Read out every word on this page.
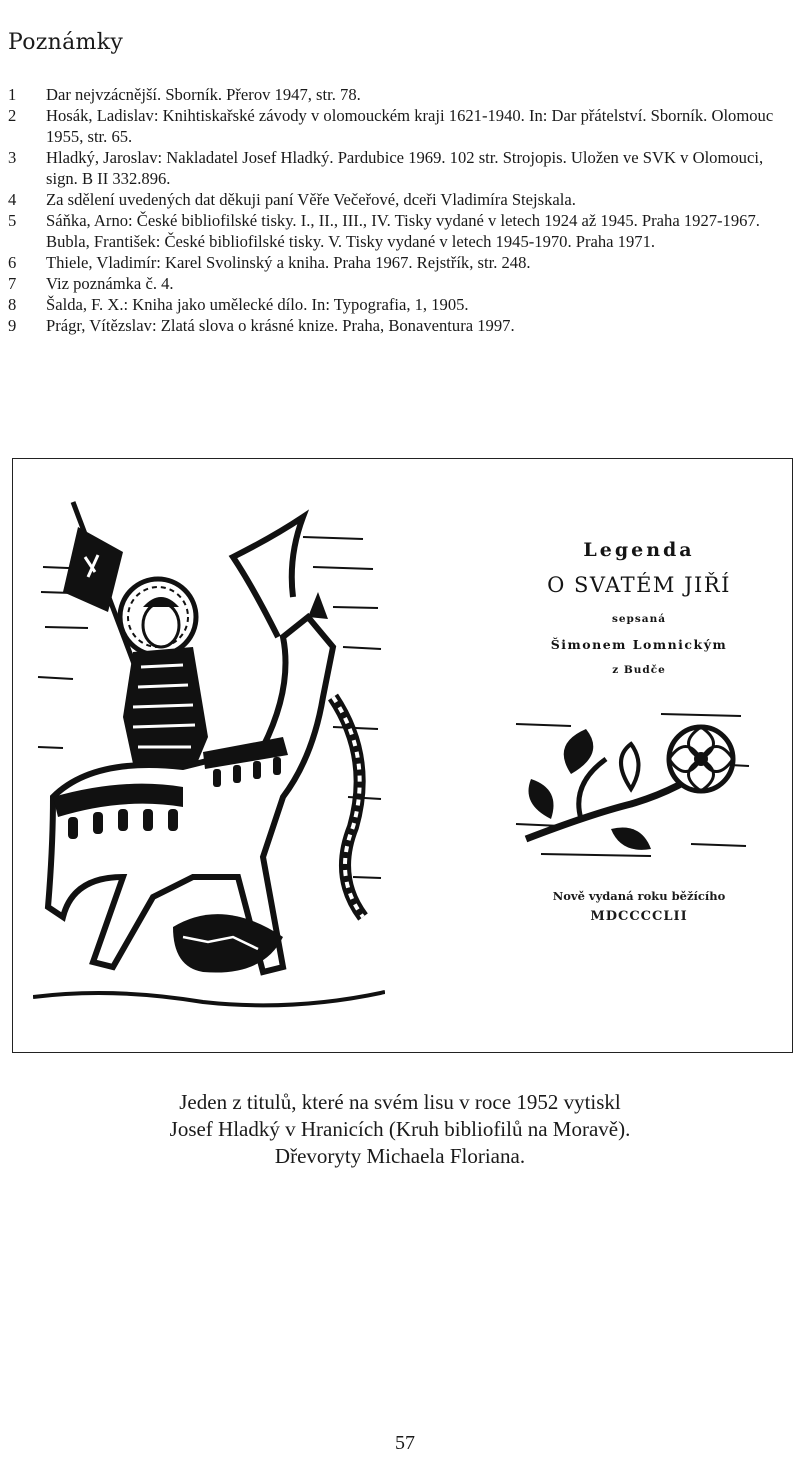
Poznámky

1	Dar nejvzácnější. Sborník. Přerov 1947, str. 78.

2	Hosák, Ladislav: Knihtiskařské závody v olomouckém kraji 1621-1940. In: Dar přátelství. Sborník. Olomouc 1955, str. 65.

3	Hladký, Jaroslav: Nakladatel Josef Hladký. Pardubice 1969. 102 str. Strojopis. Uložen ve SVK v Olomouci, sign. B II 332.896.

4	Za sdělení uvedených dat děkuji paní Věře Večeřové, dceři Vladimíra Stejskala.

5	Sáňka, Arno: České bibliofilské tisky. I., II., III., IV. Tisky vydané v letech 1924 až 1945. Praha 1927-1967. Bubla, František: České bibliofilské tisky. V. Tisky vydané v letech 1945-1970. Praha 1971.

6	Thiele, Vladimír: Karel Svolinský a kniha. Praha 1967. Rejstřík, str. 248.

7	Viz poznámka č. 4.

8	Šalda, F. X.: Kniha jako umělecké dílo. In: Typografia, 1, 1905.

9	Prágr, Vítězslav: Zlatá slova o krásné knize. Praha, Bonaventura 1997.

Legenda
O SVATÉM JIŘÍ
sepsaná
Šimonem Lomnickým
z Budče
Nově vydaná roku běžícího
MDCCCCLII

Jeden z titulů, které na svém lisu v roce 1952 vytiskl

Josef Hladký v Hranicích (Kruh bibliofilů na Moravě).

Dřevoryty Michaela Floriana.

57
